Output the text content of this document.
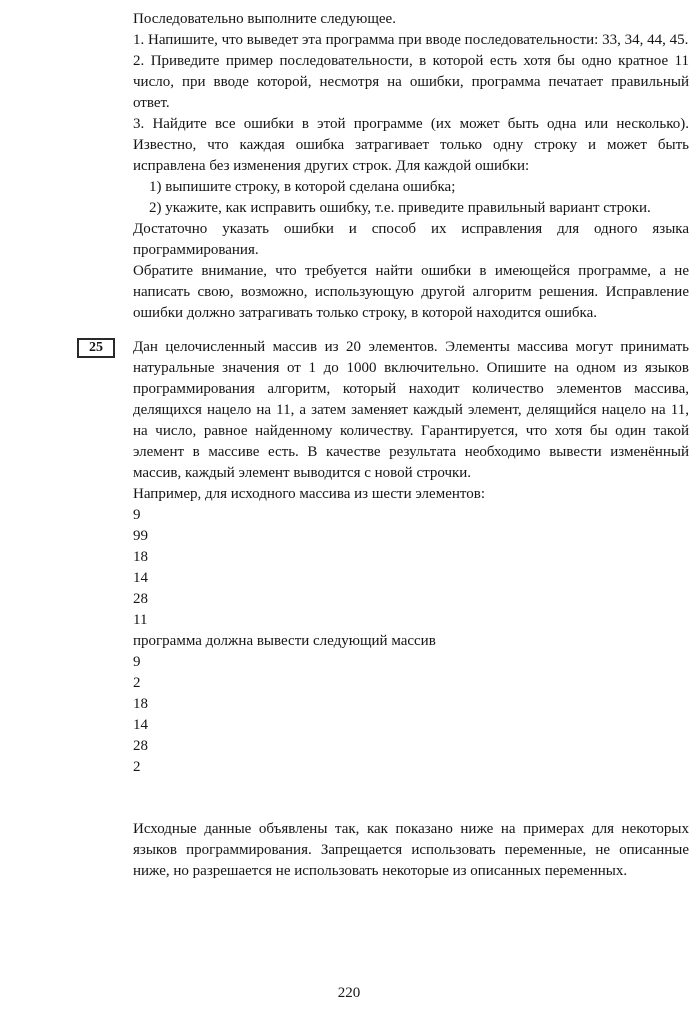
Последовательно выполните следующее.
1. Напишите, что выведет эта программа при вводе последовательности: 33, 34, 44, 45.
2. Приведите пример последовательности, в которой есть хотя бы одно кратное 11 число, при вводе которой, несмотря на ошибки, программа печатает правильный ответ.
3. Найдите все ошибки в этой программе (их может быть одна или несколько). Известно, что каждая ошибка затрагивает только одну строку и может быть исправлена без изменения других строк. Для каждой ошибки:
1) выпишите строку, в которой сделана ошибка;
2) укажите, как исправить ошибку, т.е. приведите правильный вариант строки.
Достаточно указать ошибки и способ их исправления для одного языка программирования.
Обратите внимание, что требуется найти ошибки в имеющейся программе, а не написать свою, возможно, использующую другой алгоритм решения. Исправление ошибки должно затрагивать только строку, в которой находится ошибка.
25 Дан целочисленный массив из 20 элементов. Элементы массива могут принимать натуральные значения от 1 до 1000 включительно. Опишите на одном из языков программирования алгоритм, который находит количество элементов массива, делящихся нацело на 11, а затем заменяет каждый элемент, делящийся нацело на 11, на число, равное найденному количеству. Гарантируется, что хотя бы один такой элемент в массиве есть. В качестве результата необходимо вывести изменённый массив, каждый элемент выводится с новой строчки.
Например, для исходного массива из шести элементов:
9
99
18
14
28
11
программа должна вывести следующий массив
9
2
18
14
28
2
Исходные данные объявлены так, как показано ниже на примерах для некоторых языков программирования. Запрещается использовать переменные, не описанные ниже, но разрешается не использовать некоторые из описанных переменных.
220
